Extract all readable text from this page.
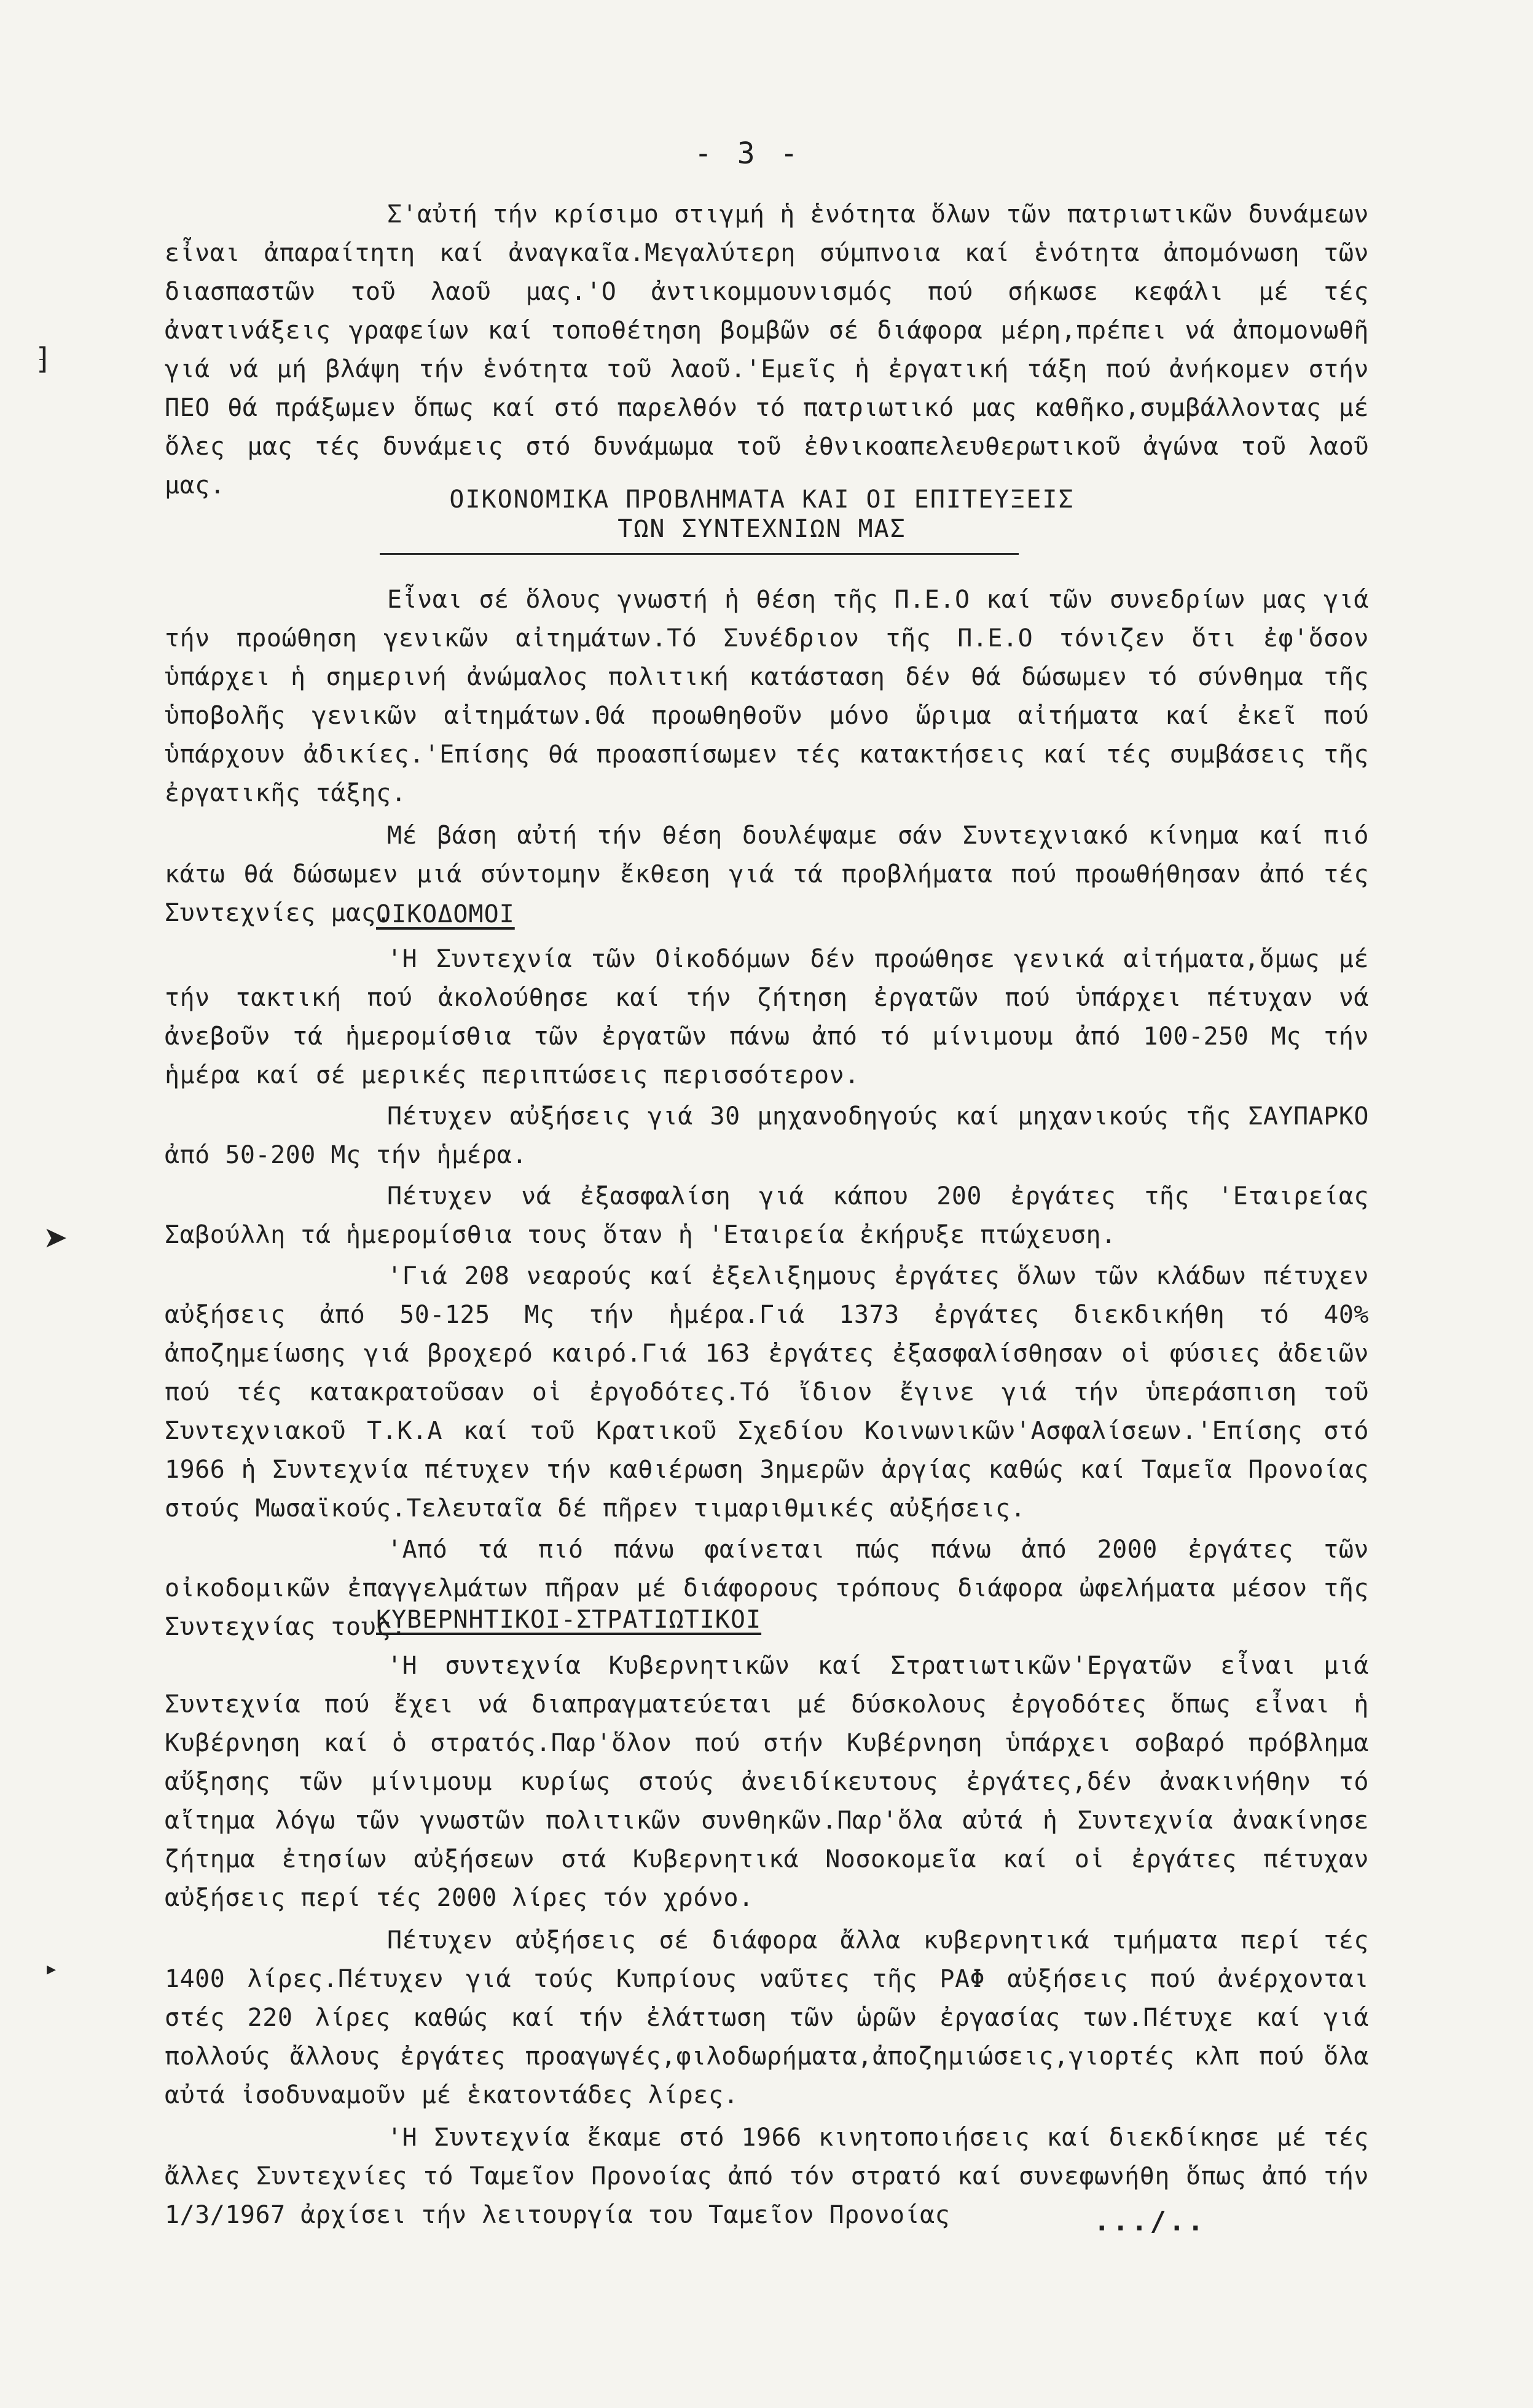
⁆
➤
▸
- 3 -

Σ'αὐτή τήν κρίσιμο στιγμή ἡ ἑνότητα ὅλων τῶν πατριωτικῶν δυνάμεων εἶναι ἀπαραίτητη καί ἀναγκαῖα.Μεγαλύτερη σύμπνοια καί ἑνότητα ἀπομόνωση τῶν διασπαστῶν τοῦ λαοῦ μας.'Ο ἀντικομμουνισμός πού σήκωσε κεφάλι μέ τές ἀνατινάξεις γραφείων καί τοποθέτηση βομβῶν σέ διάφορα μέρη,πρέπει νά ἀπομονωθῆ γιά νά μή βλάψη τήν ἑνότητα τοῦ λαοῦ.'Εμεῖς ἡ ἐργατική τάξη πού ἀνήκομεν στήν ΠΕΟ θά πράξωμεν ὅπως καί στό παρελθόν τό πατριωτικό μας καθῆκο,συμβάλλοντας μέ ὅλες μας τές δυνάμεις στό δυνάμωμα τοῦ ἐθνικοαπελευθερωτικοῦ ἀγώνα τοῦ λαοῦ μας.	ΟΙΚΟΝΟΜΙΚΑ ΠΡΟΒΛΗΜΑΤΑ ΚΑΙ ΟΙ ΕΠΙΤΕΥΞΕΙΣ
ΤΩΝ ΣΥΝΤΕΧΝΙΩΝ ΜΑΣ

Εἶναι σέ ὅλους γνωστή ἡ θέση τῆς Π.Ε.Ο καί τῶν συνεδρίων μας γιά τήν προώθηση γενικῶν αἰτημάτων.Τό Συνέδριον τῆς Π.Ε.Ο τόνιζεν ὅτι ἐφ'ὅσον ὑπάρχει ἡ σημερινή ἀνώμαλος πολιτική κατάσταση δέν θά δώσωμεν τό σύνθημα τῆς ὑποβολῆς γενικῶν αἰτημάτων.Θά προωθηθοῦν μόνο ὥριμα αἰτήματα καί ἐκεῖ πού ὑπάρχουν ἀδικίες.'Επίσης θά προασπίσωμεν τές κατακτήσεις καί τές συμβάσεις τῆς ἐργατικῆς τάξης.

Μέ βάση αὐτή τήν θέση δουλέψαμε σάν Συντεχνιακό κίνημα καί πιό κάτω θά δώσωμεν μιά σύντομην ἔκθεση γιά τά προβλήματα πού προωθήθησαν ἀπό τές Συντεχνίες μας.

ΟΙΚΟΔΟΜΟΙ

'Η Συντεχνία τῶν Οἰκοδόμων δέν προώθησε γενικά αἰτήματα,ὅμως μέ τήν τακτική πού ἀκολούθησε καί τήν ζήτηση ἐργατῶν πού ὑπάρχει πέτυχαν νά ἀνεβοῦν τά ἡμερομίσθια τῶν ἐργατῶν πάνω ἀπό τό μίνιμουμ ἀπό 100-250 Μς τήν ἡμέρα καί σέ μερικές περιπτώσεις περισσότερον.

Πέτυχεν αὐξήσεις γιά 30 μηχανοδηγούς καί μηχανικούς τῆς ΣΑΥΠΑΡΚΟ ἀπό 50-200 Μς τήν ἡμέρα.

Πέτυχεν νά ἐξασφαλίση γιά κάπου 200 ἐργάτες τῆς 'Εταιρείας Σαβούλλη τά ἡμερομίσθια τους ὅταν ἡ 'Εταιρεία ἐκήρυξε πτώχευση.

'Γιά 208 νεαρούς καί ἐξελιξημους ἐργάτες ὅλων τῶν κλάδων πέτυχεν αὐξήσεις ἀπό 50-125 Μς τήν ἡμέρα.Γιά 1373 ἐργάτες διεκδικήθη τό 40% ἀποζημείωσης γιά βροχερό καιρό.Γιά 163 ἐργάτες ἐξασφαλίσθησαν οἱ φύσιες ἀδειῶν πού τές κατακρατοῦσαν οἱ ἐργοδότες.Τό ἴδιον ἔγινε γιά τήν ὑπεράσπιση τοῦ Συντεχνιακοῦ Τ.Κ.Α καί τοῦ Κρατικοῦ Σχεδίου Κοινωνικῶν'Ασφαλίσεων.'Επίσης στό 1966 ἡ Συντεχνία πέτυχεν τήν καθιέρωση 3ημερῶν ἀργίας καθώς καί Ταμεῖα Προνοίας στούς Μωσαϊκούς.Τελευταῖα δέ πῆρεν τιμαριθμικές αὐξήσεις.

'Από τά πιό πάνω φαίνεται πώς πάνω ἀπό 2000 ἐργάτες τῶν οἰκοδομικῶν ἐπαγγελμάτων πῆραν μέ διάφορους τρόπους διάφορα ὠφελήματα μέσον τῆς Συντεχνίας τους.

ΚΥΒΕΡΝΗΤΙΚΟΙ-ΣΤΡΑΤΙΩΤΙΚΟΙ

'Η συντεχνία Κυβερνητικῶν καί Στρατιωτικῶν'Εργατῶν εἶναι μιά Συντεχνία πού ἔχει νά διαπραγματεύεται μέ δύσκολους ἐργοδότες ὅπως εἶναι ἡ Κυβέρνηση καί ὁ στρατός.Παρ'ὅλον πού στήν Κυβέρνηση ὑπάρχει σοβαρό πρόβλημα αὔξησης τῶν μίνιμουμ κυρίως στούς ἀνειδίκευτους ἐργάτες,δέν ἀνακινήθην τό αἴτημα λόγω τῶν γνωστῶν πολιτικῶν συνθηκῶν.Παρ'ὅλα αὐτά ἡ Συντεχνία ἀνακίνησε ζήτημα ἐτησίων αὐξήσεων στά Κυβερνητικά Νοσοκομεῖα καί οἱ ἐργάτες πέτυχαν αὐξήσεις περί τές 2000 λίρες τόν χρόνο.

Πέτυχεν αὐξήσεις σέ διάφορα ἄλλα κυβερνητικά τμήματα περί τές 1400 λίρες.Πέτυχεν γιά τούς Κυπρίους ναῦτες τῆς ΡΑΦ αὐξήσεις πού ἀνέρχονται στές 220 λίρες καθώς καί τήν ἐλάττωση τῶν ὡρῶν ἐργασίας των.Πέτυχε καί γιά πολλούς ἄλλους ἐργάτες προαγωγές,φιλοδωρήματα,ἀποζημιώσεις,γιορτές κλπ πού ὅλα αὐτά ἰσοδυναμοῦν μέ ἑκατοντάδες λίρες.

'Η Συντεχνία ἔκαμε στό 1966 κινητοποιήσεις καί διεκδίκησε μέ τές ἄλλες Συντεχνίες τό Ταμεῖον Προνοίας ἀπό τόν στρατό καί συνεφωνήθη ὅπως ἀπό τήν 1/3/1967 ἀρχίσει τήν λειτουργία του Ταμεῖον Προνοίας	.../..
